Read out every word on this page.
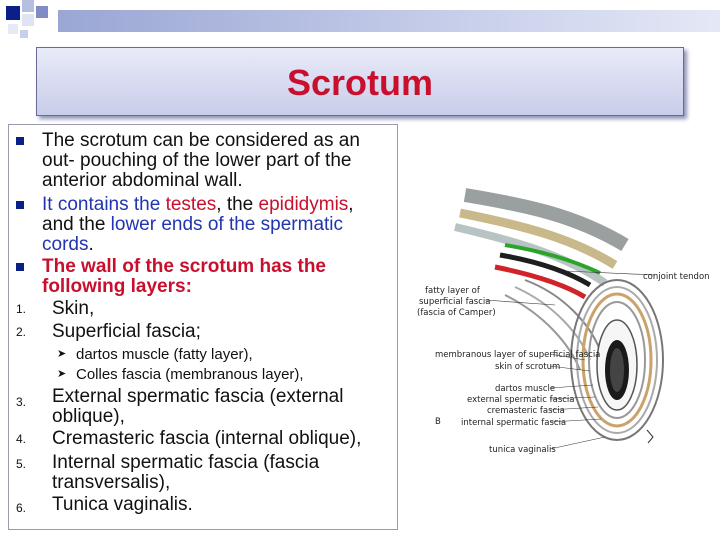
Scrotum
The scrotum can be considered as an
out- pouching of the lower part of the
anterior abdominal wall.
It contains the testes, the epididymis,
and the lower ends of the spermatic
cords.
The wall of the scrotum has the
following layers:
1. Skin,
2. Superficial fascia;
➤ dartos muscle (fatty layer),
➤ Colles fascia (membranous layer),
3. External spermatic fascia (external
oblique),
4. Cremasteric fascia (internal oblique),
5. Internal spermatic fascia (fascia
transversalis),
6. Tunica vaginalis.
conjoint tendon
fatty layer of
superficial fascia
(fascia of Camper)
membranous layer of superficial fascia
skin of scrotum
dartos muscle
external spermatic fascia
cremasteric fascia
internal spermatic fascia
B
tunica vaginalis
